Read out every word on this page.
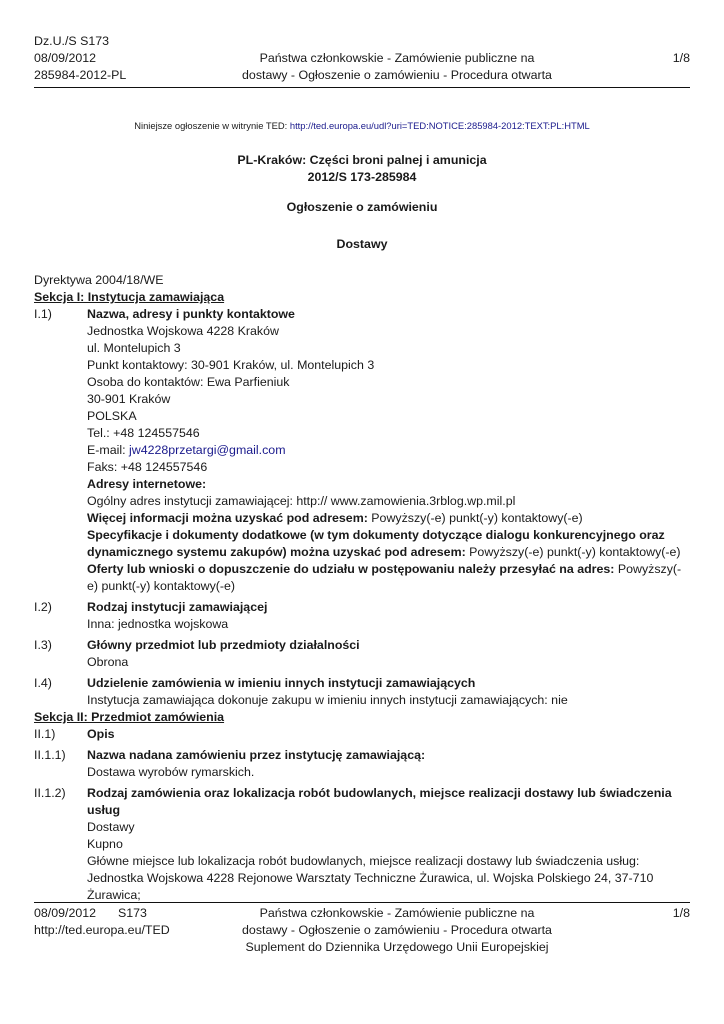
Dz.U./S S173
08/09/2012
285984-2012-PL
Państwa członkowskie - Zamówienie publiczne na
dostawy - Ogłoszenie o zamówieniu - Procedura otwarta
1/8
Niniejsze ogłoszenie w witrynie TED: http://ted.europa.eu/udl?uri=TED:NOTICE:285984-2012:TEXT:PL:HTML
PL-Kraków: Części broni palnej i amunicja
2012/S 173-285984
Ogłoszenie o zamówieniu
Dostawy
Dyrektywa 2004/18/WE
Sekcja I: Instytucja zamawiająca
I.1)	Nazwa, adresy i punkty kontaktowe
Jednostka Wojskowa 4228 Kraków
ul. Montelupich 3
Punkt kontaktowy: 30-901 Kraków, ul. Montelupich 3
Osoba do kontaktów: Ewa Parfieniuk
30-901 Kraków
POLSKA
Tel.: +48 124557546
E-mail: jw4228przetargi@gmail.com
Faks: +48 124557546
Adresy internetowe:
Ogólny adres instytucji zamawiającej: http:// www.zamowienia.3rblog.wp.mil.pl
Więcej informacji można uzyskać pod adresem: Powyższy(-e) punkt(-y) kontaktowy(-e)
Specyfikacje i dokumenty dodatkowe (w tym dokumenty dotyczące dialogu konkurencyjnego oraz dynamicznego systemu zakupów) można uzyskać pod adresem: Powyższy(-e) punkt(-y) kontaktowy(-e)
Oferty lub wnioski o dopuszczenie do udziału w postępowaniu należy przesyłać na adres: Powyższy(-e) punkt(-y) kontaktowy(-e)
I.2)	Rodzaj instytucji zamawiającej
Inna: jednostka wojskowa
I.3)	Główny przedmiot lub przedmioty działalności
Obrona
I.4)	Udzielenie zamówienia w imieniu innych instytucji zamawiających
Instytucja zamawiająca dokonuje zakupu w imieniu innych instytucji zamawiających: nie
Sekcja II: Przedmiot zamówienia
II.1)	Opis
II.1.1)	Nazwa nadana zamówieniu przez instytucję zamawiającą:
Dostawa wyrobów rymarskich.
II.1.2)	Rodzaj zamówienia oraz lokalizacja robót budowlanych, miejsce realizacji dostawy lub świadczenia usług
Dostawy
Kupno
Główne miejsce lub lokalizacja robót budowlanych, miejsce realizacji dostawy lub świadczenia usług: Jednostka Wojskowa 4228 Rejonowe Warsztaty Techniczne Żurawica, ul. Wojska Polskiego 24, 37-710 Żurawica;
08/09/2012 S173
http://ted.europa.eu/TED
Państwa członkowskie - Zamówienie publiczne na
dostawy - Ogłoszenie o zamówieniu - Procedura otwarta
Suplement do Dziennika Urzędowego Unii Europejskiej
1/8
